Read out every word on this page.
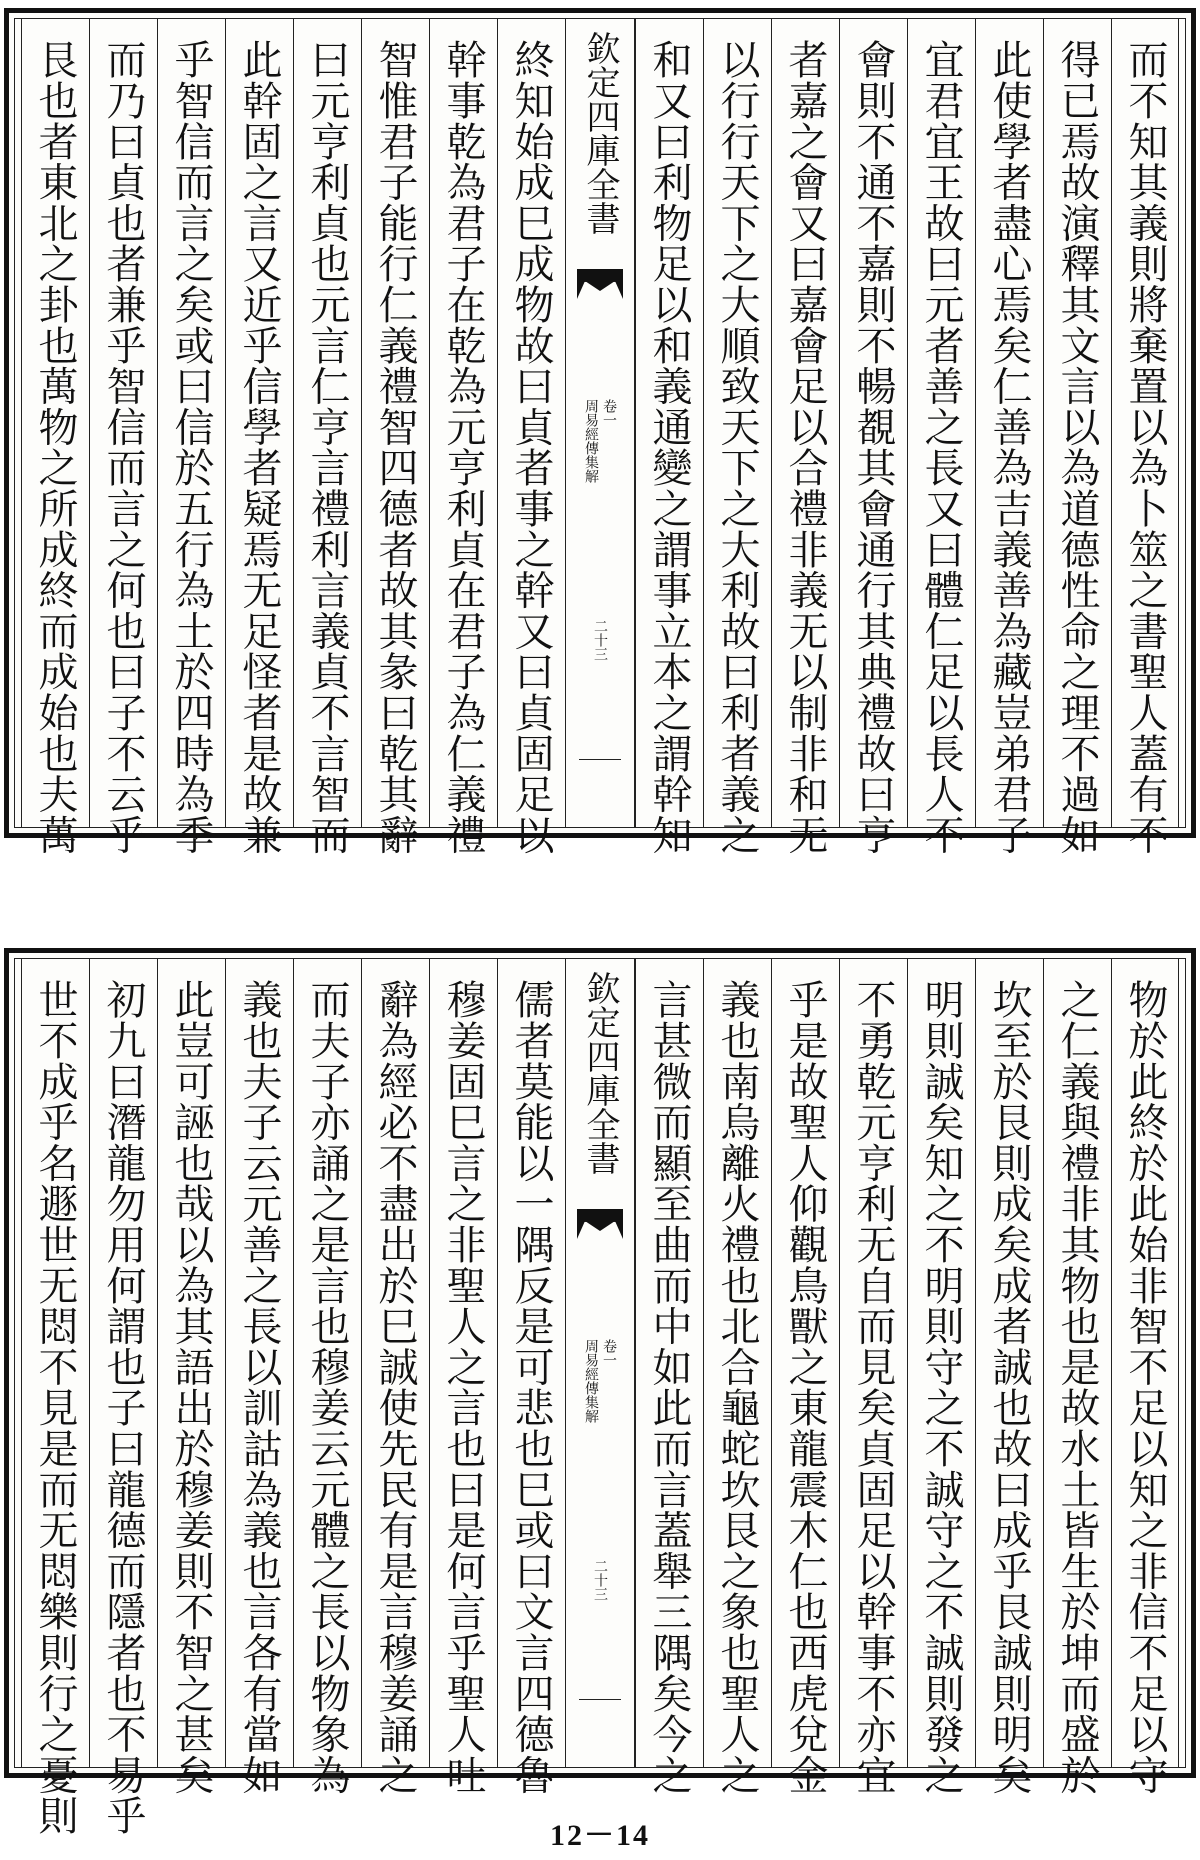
而不知其義則將棄置以為卜筮之書聖人蓋有不
得已焉故演釋其文言以為道德性命之理不過如
此使學者盡心焉矣仁善為吉義善為藏豈弟君子
宜君宜王故曰元者善之長又曰體仁足以長人不
會則不通不嘉則不暢覩其會通行其典禮故曰亨
者嘉之會又曰嘉會足以合禮非義无以制非和无
以行行天下之大順致天下之大利故曰利者義之
和又曰利物足以和義通變之謂事立本之謂幹知
終知始成巳成物故曰貞者事之幹又曰貞固足以
幹事乾為君子在乾為元亨利貞在君子為仁義禮
智惟君子能行仁義禮智四德者故其彖曰乾其辭
曰元亨利貞也元言仁亨言禮利言義貞不言智而
此幹固之言又近乎信學者疑焉无足怪者是故兼
乎智信而言之矣或曰信於五行為土於四時為季
而乃曰貞也者兼乎智信而言之何也曰子不云乎
艮也者東北之卦也萬物之所成終而成始也夫萬	欽定四庫全書
周易經傳集解 卷一
二十三
物於此終於此始非智不足以知之非信不足以守
之仁義與禮非其物也是故水土皆生於坤而盛於
坎至於艮則成矣成者誠也故曰成乎艮誠則明矣
明則誠矣知之不明則守之不誠守之不誠則發之
不勇乾元亨利无自而見矣貞固足以幹事不亦宜
乎是故聖人仰觀鳥獸之東龍震木仁也西虎兌金
義也南烏離火禮也北合龜蛇坎艮之象也聖人之
言甚微而顯至曲而中如此而言蓋舉三隅矣今之
儒者莫能以一隅反是可悲也巳或曰文言四德魯
穆姜固巳言之非聖人之言也曰是何言乎聖人吐
辭為經必不盡出於巳誠使先民有是言穆姜誦之
而夫子亦誦之是言也穆姜云元體之長以物象為
義也夫子云元善之長以訓詁為義也言各有當如
此豈可誣也哉以為其語出於穆姜則不智之甚矣
初九曰潛龍勿用何謂也子曰龍德而隱者也不易乎
世不成乎名遯世无悶不見是而无悶樂則行之憂則	欽定四庫全書
周易經傳集解 卷一
二十三
12－14
